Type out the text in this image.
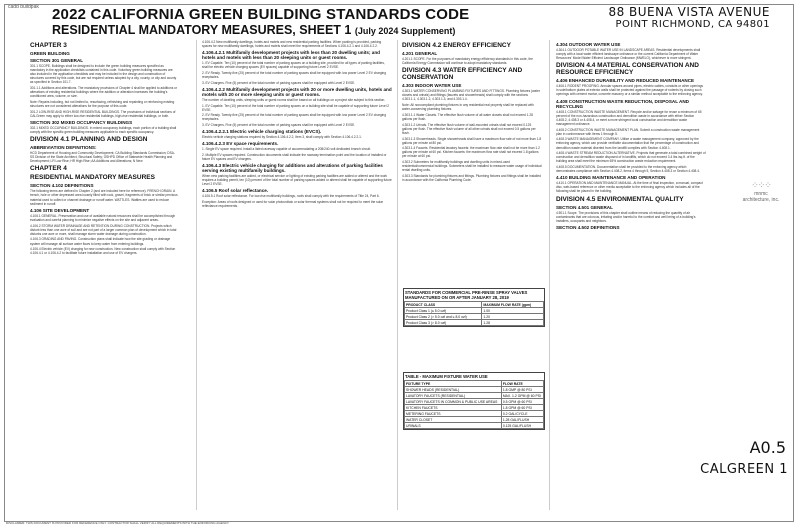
cadd buildpak 2022 CALIFORNIA GREEN BUILDING STANDARDS CODE
RESIDENTIAL MANDATORY MEASURES, SHEET 1 (July 2024 Supplement)
88 BUENA VISTA AVENUE
POINT RICHMOND, CA 94801
CHAPTER 3
GREEN BUILDING
SECTION 301 GENERAL

301.1 SCOPE. Buildings shall be designed to include the green building measures specified as mandatory in the application checklists contained in this code. Voluntary green building measures are also included in the application checklists and may be included in the design and construction of structures covered by this code, but are not required unless adopted by a city, county, or city and county as specified in Section 101.7.

301.1.1 Additions and alterations. The mandatory provisions of Chapter 4 shall be applied to additions or alterations of existing residential buildings where the addition or alteration increases the building's conditioned area, volume, or size.

Note: Repairs including, but not limited to, resurfacing, refinishing and repainting or reinforcing existing structures are not considered alterations for the purpose of this code.

301.2 LOW-RISE AND HIGH-RISE RESIDENTIAL BUILDINGS. The provisions of individual sections of CALGreen may apply to either low-rise residential buildings, high-rise residential buildings, or both.

SECTION 302 MIXED OCCUPANCY BUILDINGS

302.1 MIXED OCCUPANCY BUILDINGS. In mixed occupancy buildings, each portion of a building shall comply with the specific green building measures applicable to each specific occupancy.

DIVISION 4.1 PLANNING AND DESIGN
ABBREVIATION DEFINITIONS:

HCD Department of Housing and Community Development; CA Building Standards Commission; DSA-SS Division of the State Architect, Structural Safety; OSHPD Office of Statewide Health Planning and Development; LR Low Rise; HR High Rise; AA Additions and Alterations; N New

CHAPTER 4
RESIDENTIAL MANDATORY MEASURES
SECTION 4.102 DEFINITIONS

The following terms are defined in Chapter 2 (and are included here for reference). FRENCH DRAIN. A trench, hole or other depressed area loosely filled with rock, gravel, fragments of brick or similar pervious material used to collect or channel drainage or runoff water. WATTLES. Wattles are used to reduce sediment in runoff.

4.106 SITE DEVELOPMENT

4.106.1 GENERAL. Preservation and use of available natural resources shall be accomplished through evaluation and careful planning to minimize negative effects on the site and adjacent areas.

4.106.2 STORM WATER DRAINAGE AND RETENTION DURING CONSTRUCTION. Projects which disturb less than one acre of soil and are not part of a larger common plan of development which in total disturbs one acre or more, shall manage storm water drainage during construction.

4.106.3 GRADING AND PAVING. Construction plans shall indicate how the site grading or drainage system will manage all surface water flows to keep water from entering buildings.

4.106.4 Electric vehicle (EV) charging for new construction. New construction shall comply with Section 4.106.4.1 or 4.106.4.2 to facilitate future installation and use of EV chargers.

4.106.4.2 New multifamily dwellings, hotels and motels and new residential parking facilities. When parking is provided, parking spaces for new multifamily dwellings, hotels and motels shall meet the requirements of Sections 4.106.4.2.1 and 4.106.4.2.2.

4.106.4.2.1 Multifamily development projects with less than 20 dwelling units; and hotels and motels with less than 20 sleeping units or guest rooms.

1. EV Capable. Ten (10) percent of the total number of parking spaces on a building site, provided for all types of parking facilities, shall be electric vehicle charging spaces (EV spaces) capable of supporting future Level 2 EVSE.

2. EV Ready. Twenty-five (25) percent of the total number of parking spaces shall be equipped with low power Level 2 EV charging receptacles.

3. EV Chargers. Five (5) percent of the total number of parking spaces shall be equipped with Level 2 EVSE.

4.106.4.2.2 Multifamily development projects with 20 or more dwelling units, hotels and motels with 20 or more sleeping units or guest rooms.

The number of dwelling units, sleeping units or guest rooms shall be based on all buildings on a project site subject to this section.

1. EV Capable. Ten (10) percent of the total number of parking spaces on a building site shall be capable of supporting future Level 2 EVSE.

2. EV Ready. Twenty-five (25) percent of the total number of parking spaces shall be equipped with low power Level 2 EV charging receptacles.

3. EV Chargers. Five (5) percent of the total number of parking spaces shall be equipped with Level 2 EVSE.

4.106.4.2.2.1 Electric vehicle charging stations (EVCS).

Electric vehicle charging stations required by Section 4.106.4.2.2, Item 3, shall comply with Section 4.106.4.2.2.1.

4.106.4.2.3 EV space requirements.

1. Single EV space required. Install a listed raceway capable of accommodating a 208/240-volt dedicated branch circuit.

2. Multiple EV spaces required. Construction documents shall indicate the raceway termination point and the location of installed or future EV spaces and EV chargers.

4.106.4.3 Electric vehicle charging for additions and alterations of parking facilities serving existing multifamily buildings.

When new parking facilities are added, or electrical service or lighting of existing parking facilities are added or altered and the work requires a building permit, ten (10) percent of the total number of parking spaces added or altered shall be capable of supporting future Level 2 EVSE.

4.106.5 Roof solar reflectance.

4.106.5.1 Roof solar reflectance. For low-rise multifamily buildings, roofs shall comply with the requirements of Title 24, Part 6.

Exception: Areas of roofs designed or used for solar photovoltaic or solar thermal systems shall not be required to meet the solar reflectance requirements.

DIVISION 4.2 ENERGY EFFICIENCY
4.201 GENERAL

4.201.1 SCOPE. For the purposes of mandatory energy efficiency standards in this code, the California Energy Commission will continue to adopt mandatory standards.

DIVISION 4.3 WATER EFFICIENCY AND CONSERVATION
4.303 INDOOR WATER USE

4.303.1 WATER CONSERVING PLUMBING FIXTURES AND FITTINGS. Plumbing fixtures (water closets and urinals) and fittings (faucets and showerheads) shall comply with the sections 4.303.1.1, 4.303.1.2, 4.303.1.3, and 4.303.1.4.

Note: All noncompliant plumbing fixtures in any residential real property shall be replaced with water-conserving plumbing fixtures.

4.303.1.1 Water Closets. The effective flush volume of all water closets shall not exceed 1.28 gallons per flush.

4.303.1.2 Urinals. The effective flush volume of wall-mounted urinals shall not exceed 0.125 gallons per flush. The effective flush volume of all other urinals shall not exceed 0.5 gallons per flush.

4.303.1.3 Showerheads. Single showerheads shall have a maximum flow rate of not more than 1.8 gallons per minute at 80 psi.

4.303.1.4 Faucets. Residential lavatory faucets: the maximum flow rate shall not be more than 1.2 gallons per minute at 60 psi. Kitchen faucets: the maximum flow rate shall not exceed 1.8 gallons per minute at 60 psi.

4.303.2 Submeters for multifamily buildings and dwelling units in mixed-used residential/commercial buildings. Submeters shall be installed to measure water usage of individual rental dwelling units.

4.303.3 Standards for plumbing fixtures and fittings. Plumbing fixtures and fittings shall be installed in accordance with the California Plumbing Code.

STANDARDS FOR COMMERCIAL PRE-RINSE SPRAY VALVES MANUFACTURED ON OR AFTER JANUARY 28, 2019
PRODUCT CLASS	MAXIMUM FLOW RATE (gpm)
Product Class 1 (≤ 5.0 ozf)	1.00
Product Class 2 (> 5.0 ozf and ≤ 8.0 ozf)	1.20
Product Class 3 (> 8.0 ozf)	1.28
TABLE - MAXIMUM FIXTURE WATER USE
FIXTURE TYPE	FLOW RATE
SHOWER HEADS (RESIDENTIAL)	1.8 GMP @ 80 PSI
LAVATORY FAUCETS (RESIDENTIAL)	MAX. 1.2 GPM @ 60 PSI
LAVATORY FAUCETS IN COMMON & PUBLIC USE AREAS	0.5 GPM @ 60 PSI
KITCHEN FAUCETS	1.8 GPM @ 60 PSI
METERING FAUCETS	0.2 GAL/CYCLE
WATER CLOSET	1.28 GAL/FLUSH
URINALS	0.125 GAL/FLUSH
4.304 OUTDOOR WATER USE

4.304.1 OUTDOOR POTABLE WATER USE IN LANDSCAPE AREAS. Residential developments shall comply with a local water efficient landscape ordinance or the current California Department of Water Resources' Model Water Efficient Landscape Ordinance (MWELO), whichever is more stringent.

DIVISION 4.4 MATERIAL CONSERVATION AND RESOURCE EFFICIENCY
4.406 ENHANCED DURABILITY AND REDUCED MAINTENANCE

4.406.1 RODENT PROOFING. Annular spaces around pipes, electric cables, conduits or other openings in sole/bottom plates at exterior walls shall be protected against the passage of rodents by closing such openings with cement mortar, concrete masonry or a similar method acceptable to the enforcing agency.

4.408 CONSTRUCTION WASTE REDUCTION, DISPOSAL AND RECYCLING

4.408.1 CONSTRUCTION WASTE MANAGEMENT. Recycle and/or salvage for reuse a minimum of 65 percent of the non-hazardous construction and demolition waste in accordance with either Section 4.408.2, 4.408.3 or 4.408.4, or meet a more stringent local construction and demolition waste management ordinance.

4.408.2 CONSTRUCTION WASTE MANAGEMENT PLAN. Submit a construction waste management plan in conformance with Items 1 through 5.

4.408.3 WASTE MANAGEMENT COMPANY. Utilize a waste management company, approved by the enforcing agency, which can provide verifiable documentation that the percentage of construction and demolition waste material diverted from the landfill complies with Section 4.408.1.

4.408.4 WASTE STREAM REDUCTION ALTERNATIVE. Projects that generate a total combined weight of construction and demolition waste disposed of in landfills, which do not exceed 3.4 lbs./sq.ft. of the building area shall meet the minimum 65% construction waste reduction requirement.

4.408.5 DOCUMENTATION. Documentation shall be provided to the enforcing agency which demonstrates compliance with Section 4.408.2, items 4 through 5, Section 4.408.3 or Section 4.408.4.

4.410 BUILDING MAINTENANCE AND OPERATION

4.410.1 OPERATION AND MAINTENANCE MANUAL. At the time of final inspection, a manual, compact disc, web-based reference or other media acceptable to the enforcing agency which includes all of the following shall be placed in the building.

DIVISION 4.5 ENVIRONMENTAL QUALITY
SECTION 4.501 GENERAL

4.501.1 Scope. The provisions of this chapter shall outline means of reducing the quantity of air contaminants that are odorous, irritating and/or harmful to the comfort and well being of a building's installers, occupants and neighbors.

SECTION 4.502 DEFINITIONS
⁘⁘⁘
mnmc
architecture, inc.
A0.5
CALGREEN 1
DISCLAIMER: THIS DOCUMENT IS PROVIDED FOR REFERENCE ONLY. CONTRACTOR SHALL VERIFY ALL REQUIREMENTS WITH THE ENFORCING AGENCY.
